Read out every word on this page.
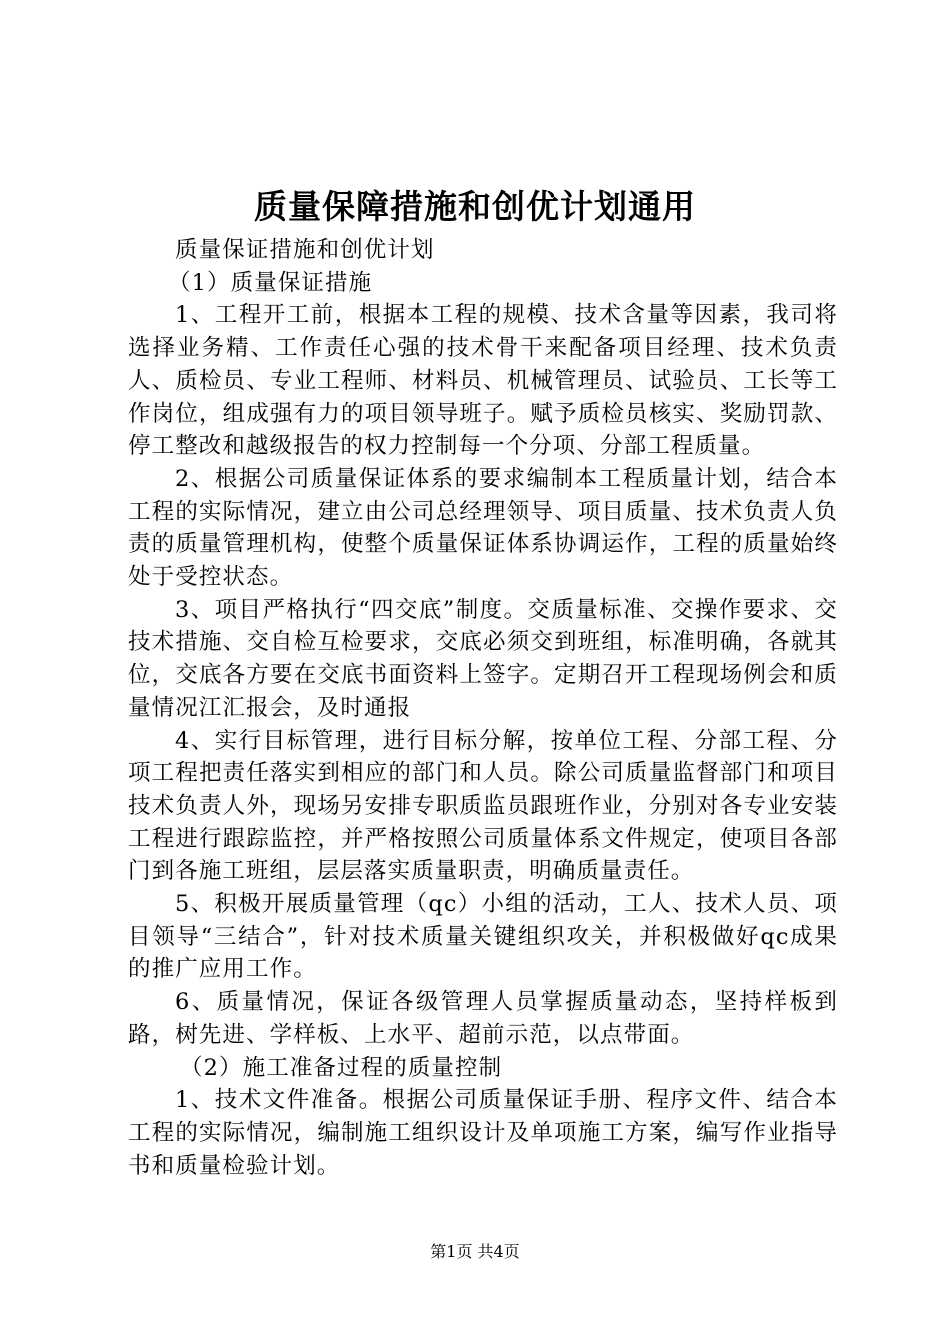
质量保障措施和创优计划通用

质量保证措施和创优计划

（1）质量保证措施

1、工程开工前，根据本工程的规模、技术含量等因素，我司将选择业务精、工作责任心强的技术骨干来配备项目经理、技术负责人、质检员、专业工程师、材料员、机械管理员、试验员、工长等工作岗位，组成强有力的项目领导班子。赋予质检员核实、奖励罚款、停工整改和越级报告的权力控制每一个分项、分部工程质量。

2、根据公司质量保证体系的要求编制本工程质量计划，结合本工程的实际情况，建立由公司总经理领导、项目质量、技术负责人负责的质量管理机构，使整个质量保证体系协调运作，工程的质量始终处于受控状态。

3、项目严格执行“四交底”制度。交质量标准、交操作要求、交技术措施、交自检互检要求，交底必须交到班组，标准明确，各就其位，交底各方要在交底书面资料上签字。定期召开工程现场例会和质量情况江汇报会，及时通报

4、实行目标管理，进行目标分解，按单位工程、分部工程、分项工程把责任落实到相应的部门和人员。除公司质量监督部门和项目技术负责人外，现场另安排专职质监员跟班作业，分别对各专业安装工程进行跟踪监控，并严格按照公司质量体系文件规定，使项目各部门到各施工班组，层层落实质量职责，明确质量责任。

5、积极开展质量管理（qc）小组的活动，工人、技术人员、项目领导“三结合”，针对技术质量关键组织攻关，并积极做好qc成果的推广应用工作。

6、质量情况，保证各级管理人员掌握质量动态，坚持样板到路，树先进、学样板、上水平、超前示范，以点带面。

（2）施工准备过程的质量控制

1、技术文件准备。根据公司质量保证手册、程序文件、结合本工程的实际情况，编制施工组织设计及单项施工方案，编写作业指导书和质量检验计划。

第1页 共4页
